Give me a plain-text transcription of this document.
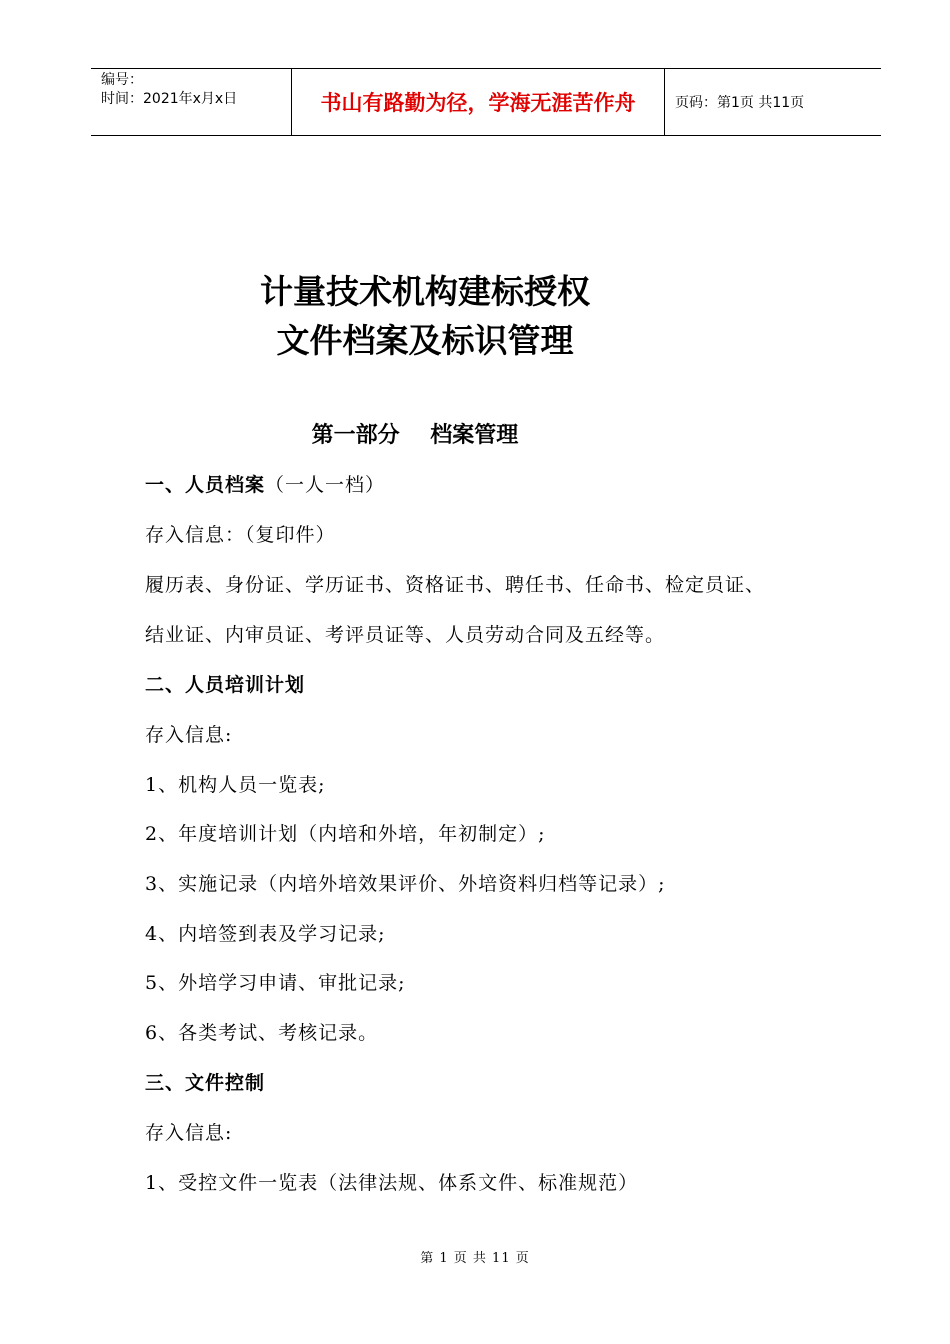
编号：
时间：2021年x月x日	书山有路勤为径，学海无涯苦作舟	页码：第1页 共11页
计量技术机构建标授权
文件档案及标识管理
第一部分    档案管理
一、人员档案（一人一档）
存入信息：（复印件）
履历表、身份证、学历证书、资格证书、聘任书、任命书、检定员证、
结业证、内审员证、考评员证等、人员劳动合同及五经等。
二、人员培训计划
存入信息:
1、机构人员一览表;
2、年度培训计划（内培和外培，年初制定）;
3、实施记录（内培外培效果评价、外培资料归档等记录）;
4、内培签到表及学习记录;
5、外培学习申请、审批记录;
6、各类考试、考核记录。
三、文件控制
存入信息:
1、受控文件一览表（法律法规、体系文件、标准规范）
第 1 页 共 11 页
